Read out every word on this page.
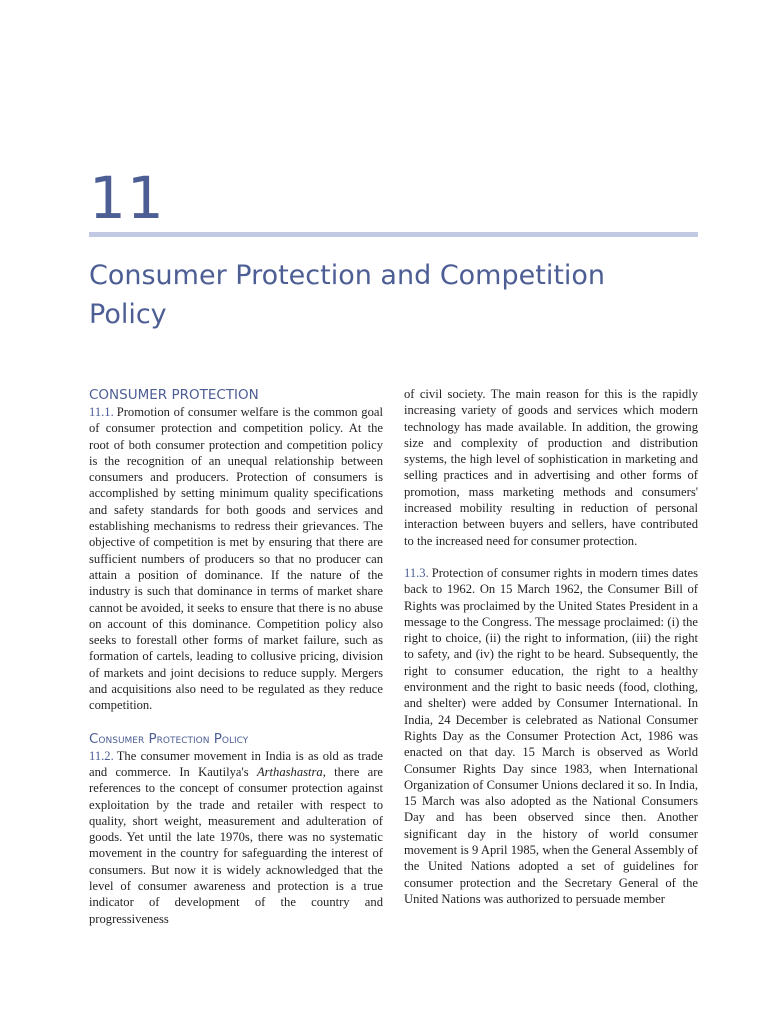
11
Consumer Protection and Competition Policy
CONSUMER PROTECTION

11.1. Promotion of consumer welfare is the common goal of consumer protection and competition policy. At the root of both consumer protection and competition policy is the recognition of an unequal relationship between consumers and producers. Protection of consumers is accomplished by setting minimum quality specifications and safety standards for both goods and services and establishing mechanisms to redress their grievances. The objective of competition is met by ensuring that there are sufficient numbers of producers so that no producer can attain a position of dominance. If the nature of the industry is such that dominance in terms of market share cannot be avoided, it seeks to ensure that there is no abuse on account of this dominance. Competition policy also seeks to forestall other forms of market failure, such as formation of cartels, leading to collusive pricing, division of markets and joint decisions to reduce supply. Mergers and acquisitions also need to be regulated as they reduce competition.

Consumer Protection Policy

11.2. The consumer movement in India is as old as trade and commerce. In Kautilya's Arthashastra, there are references to the concept of consumer protection against exploitation by the trade and retailer with respect to quality, short weight, measurement and adulteration of goods. Yet until the late 1970s, there was no systematic movement in the country for safeguarding the interest of consumers. But now it is widely acknowledged that the level of consumer awareness and protection is a true indicator of development of the country and progressiveness

of civil society. The main reason for this is the rapidly increasing variety of goods and services which modern technology has made available. In addition, the growing size and complexity of production and distribution systems, the high level of sophistication in marketing and selling practices and in advertising and other forms of promotion, mass marketing methods and consumers' increased mobility resulting in reduction of personal interaction between buyers and sellers, have contributed to the increased need for consumer protection.

11.3. Protection of consumer rights in modern times dates back to 1962. On 15 March 1962, the Consumer Bill of Rights was proclaimed by the United States President in a message to the Congress. The message proclaimed: (i) the right to choice, (ii) the right to information, (iii) the right to safety, and (iv) the right to be heard. Subsequently, the right to consumer education, the right to a healthy environment and the right to basic needs (food, clothing, and shelter) were added by Consumer International. In India, 24 December is celebrated as National Consumer Rights Day as the Consumer Protection Act, 1986 was enacted on that day. 15 March is observed as World Consumer Rights Day since 1983, when International Organization of Consumer Unions declared it so. In India, 15 March was also adopted as the National Consumers Day and has been observed since then. Another significant day in the history of world consumer movement is 9 April 1985, when the General Assembly of the United Nations adopted a set of guidelines for consumer protection and the Secretary General of the United Nations was authorized to persuade member
